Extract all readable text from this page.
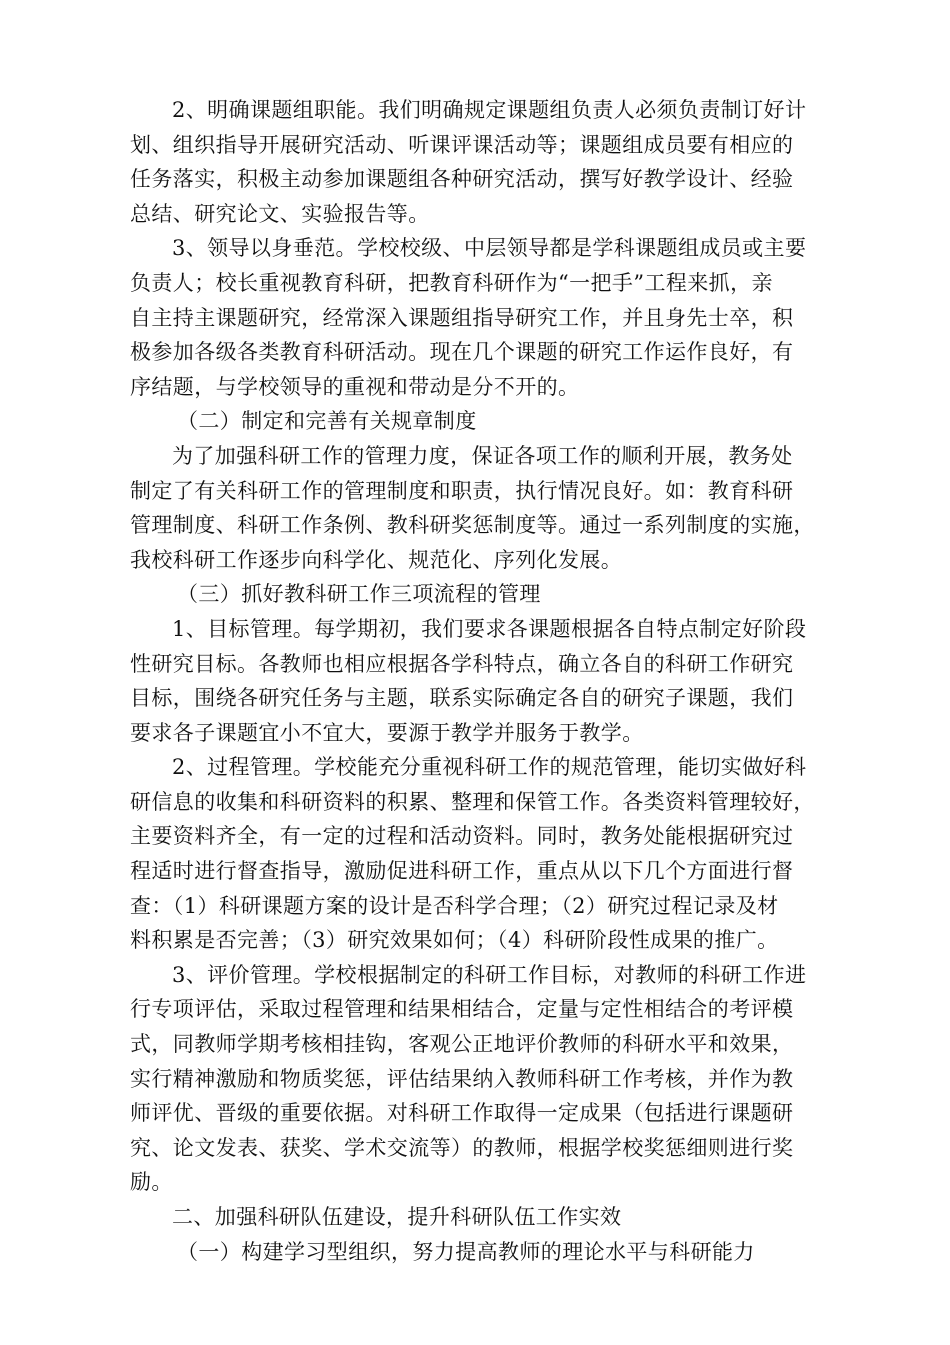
2、明确课题组职能。我们明确规定课题组负责人必须负责制订好计
划、组织指导开展研究活动、听课评课活动等；课题组成员要有相应的
任务落实，积极主动参加课题组各种研究活动，撰写好教学设计、经验
总结、研究论文、实验报告等。

3、领导以身垂范。学校校级、中层领导都是学科课题组成员或主要
负责人；校长重视教育科研，把教育科研作为“一把手”工程来抓，亲
自主持主课题研究，经常深入课题组指导研究工作，并且身先士卒，积
极参加各级各类教育科研活动。现在几个课题的研究工作运作良好，有
序结题，与学校领导的重视和带动是分不开的。

（二）制定和完善有关规章制度

为了加强科研工作的管理力度，保证各项工作的顺利开展，教务处
制定了有关科研工作的管理制度和职责，执行情况良好。如：教育科研
管理制度、科研工作条例、教科研奖惩制度等。通过一系列制度的实施，
我校科研工作逐步向科学化、规范化、序列化发展。

（三）抓好教科研工作三项流程的管理

1、目标管理。每学期初，我们要求各课题根据各自特点制定好阶段
性研究目标。各教师也相应根据各学科特点，确立各自的科研工作研究
目标，围绕各研究任务与主题，联系实际确定各自的研究子课题，我们
要求各子课题宜小不宜大，要源于教学并服务于教学。

2、过程管理。学校能充分重视科研工作的规范管理，能切实做好科
研信息的收集和科研资料的积累、整理和保管工作。各类资料管理较好，
主要资料齐全，有一定的过程和活动资料。同时，教务处能根据研究过
程适时进行督查指导，激励促进科研工作，重点从以下几个方面进行督
查：（1）科研课题方案的设计是否科学合理；（2）研究过程记录及材
料积累是否完善；（3）研究效果如何；（4）科研阶段性成果的推广。

3、评价管理。学校根据制定的科研工作目标，对教师的科研工作进
行专项评估，采取过程管理和结果相结合，定量与定性相结合的考评模
式，同教师学期考核相挂钩，客观公正地评价教师的科研水平和效果，
实行精神激励和物质奖惩，评估结果纳入教师科研工作考核，并作为教
师评优、晋级的重要依据。对科研工作取得一定成果（包括进行课题研
究、论文发表、获奖、学术交流等）的教师，根据学校奖惩细则进行奖
励。

二、加强科研队伍建设，提升科研队伍工作实效

（一）构建学习型组织，努力提高教师的理论水平与科研能力
